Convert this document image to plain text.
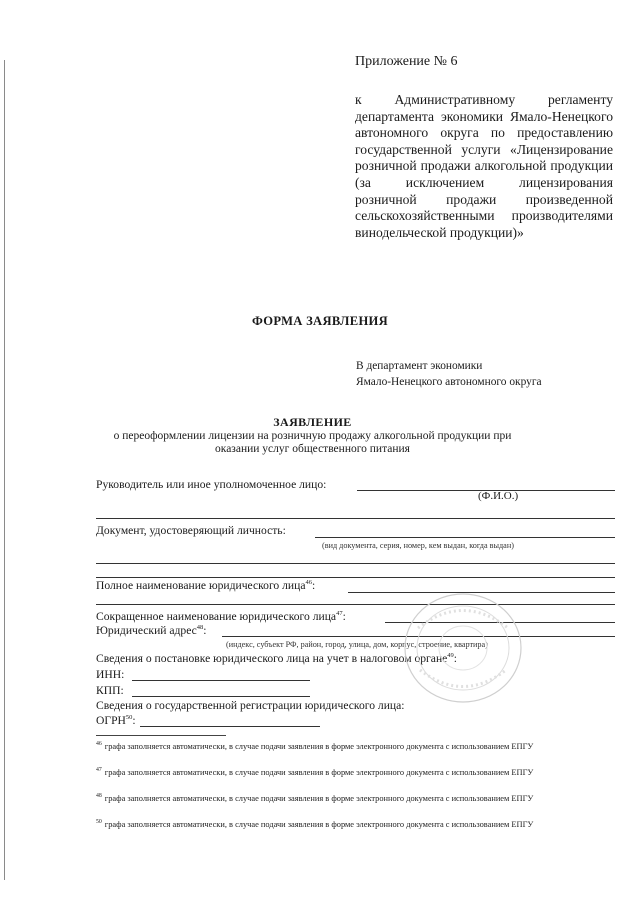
Приложение № 6
к Административному регламенту департамента экономики Ямало-Ненецкого автономного округа по предоставлению государственной услуги «Лицензирование розничной продажи алкогольной продукции (за исключением лицензирования розничной продажи произведенной сельскохозяйственными производителями винодельческой продукции)»
ФОРМА ЗАЯВЛЕНИЯ
В департамент экономики
Ямало-Ненецкого автономного округа
ЗАЯВЛЕНИЕ
о переоформлении лицензии на розничную продажу алкогольной продукции при оказании услуг общественного питания
Руководитель или иное уполномоченное лицо:
(Ф.И.О.)
Документ, удостоверяющий личность:
(вид документа, серия, номер, кем выдан, когда выдан)
Полное наименование юридического лица$^{46}$:
Сокращенное наименование юридического лица$^{47}$:
Юридический адрес$^{48}$:
(индекс, субъект РФ, район, город, улица, дом, корпус, строение, квартира)
Сведения о постановке юридического лица на учет в налоговом органе$^{49}$:
ИНН:
КПП:
Сведения о государственной регистрации юридического лица:
ОГРН$^{50}$:
$^{46}$ графа заполняется автоматически, в случае подачи заявления в форме электронного документа с использованием ЕПГУ
$^{47}$ графа заполняется автоматически, в случае подачи заявления в форме электронного документа с использованием ЕПГУ
$^{48}$ графа заполняется автоматически, в случае подачи заявления в форме электронного документа с использованием ЕПГУ
$^{50}$ графа заполняется автоматически, в случае подачи заявления в форме электронного документа с использованием ЕПГУ
